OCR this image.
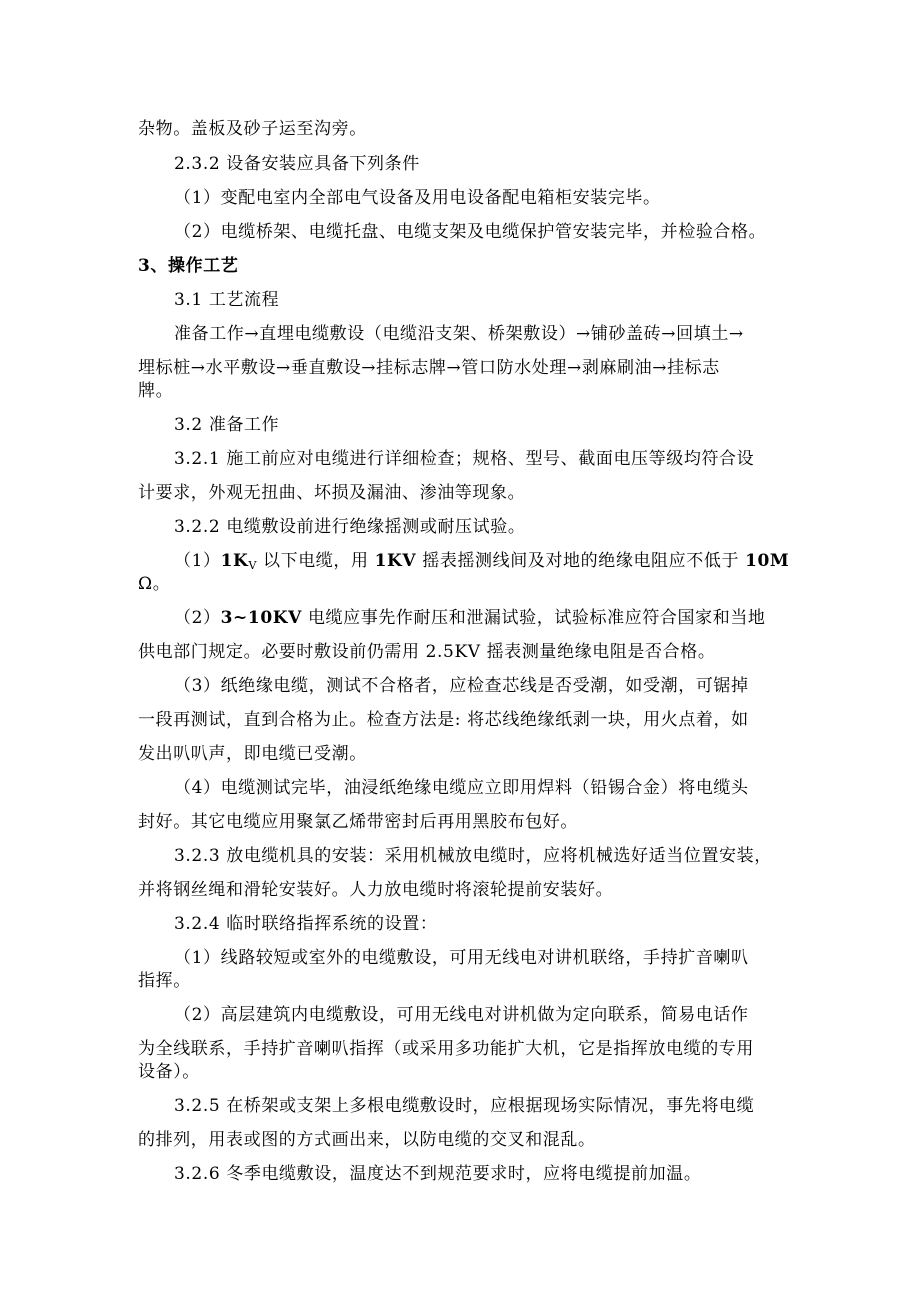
杂物。盖板及砂子运至沟旁。
2.3.2 设备安装应具备下列条件
（1）变配电室内全部电气设备及用电设备配电箱柜安装完毕。
（2）电缆桥架、电缆托盘、电缆支架及电缆保护管安装完毕，并检验合格。
3、操作工艺
3.1 工艺流程
准备工作→直埋电缆敷设（电缆沿支架、桥架敷设）→铺砂盖砖→回填土→
埋标桩→水平敷设→垂直敷设→挂标志牌→管口防水处理→剥麻刷油→挂标志
牌。
3.2 准备工作
3.2.1 施工前应对电缆进行详细检查；规格、型号、截面电压等级均符合设
计要求，外观无扭曲、坏损及漏油、渗油等现象。
3.2.2 电缆敷设前进行绝缘摇测或耐压试验。
$(1)1K_V$ 以下电缆，用 1KV 摇表摇测线间及对地的绝缘电阻应不低于 10M
Ω。
（2）3~10KV 电缆应事先作耐压和泄漏试验，试验标准应符合国家和当地
供电部门规定。必要时敷设前仍需用 2.5KV 摇表测量绝缘电阻是否合格。
（3）纸绝缘电缆，测试不合格者，应检查芯线是否受潮，如受潮，可锯掉
一段再测试，直到合格为止。检查方法是: 将芯线绝缘纸剥一块，用火点着，如
发出叭叭声，即电缆已受潮。
（4）电缆测试完毕，油浸纸绝缘电缆应立即用焊料（铅锡合金）将电缆头
封好。其它电缆应用聚氯乙烯带密封后再用黑胶布包好。
3.2.3 放电缆机具的安装：采用机械放电缆时，应将机械选好适当位置安装，
并将钢丝绳和滑轮安装好。人力放电缆时将滚轮提前安装好。
3.2.4 临时联络指挥系统的设置：
（1）线路较短或室外的电缆敷设，可用无线电对讲机联络，手持扩音喇叭
指挥。
（2）高层建筑内电缆敷设，可用无线电对讲机做为定向联系，简易电话作
为全线联系，手持扩音喇叭指挥（或采用多功能扩大机，它是指挥放电缆的专用
设备）。
3.2.5 在桥架或支架上多根电缆敷设时，应根据现场实际情况，事先将电缆
的排列，用表或图的方式画出来，以防电缆的交叉和混乱。
3.2.6 冬季电缆敷设，温度达不到规范要求时，应将电缆提前加温。
